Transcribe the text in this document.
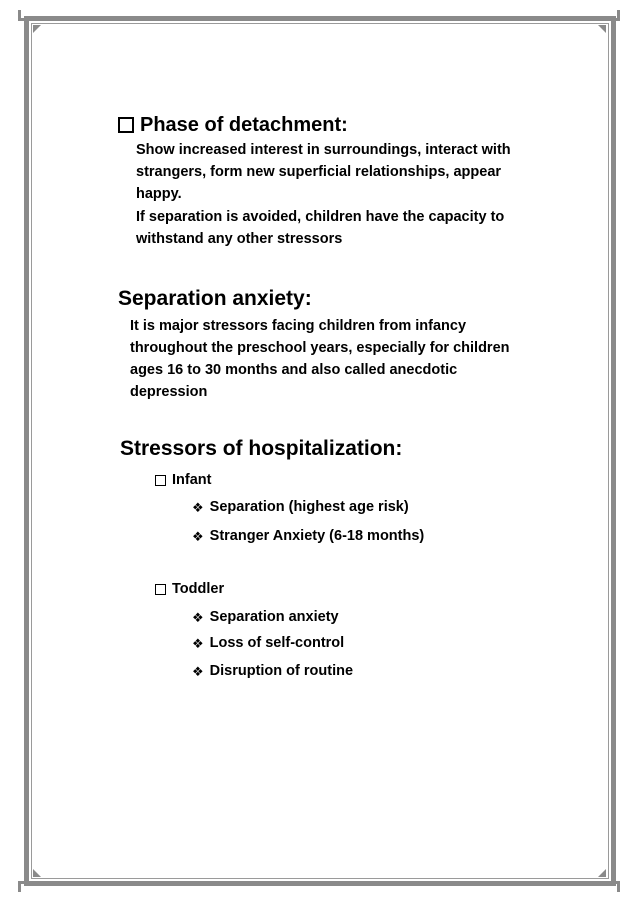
Phase of detachment:
Show increased interest in surroundings, interact with strangers, form new superficial relationships, appear happy.
If separation is avoided, children have the capacity to withstand any other stressors
Separation anxiety:
It is major stressors facing children from infancy throughout the preschool years, especially for children ages 16 to 30 months and also called anecdotic depression
Stressors of hospitalization:
Infant
❖ Separation (highest age risk)
❖ Stranger Anxiety (6-18 months)
Toddler
❖ Separation anxiety
❖ Loss of self-control
❖ Disruption of routine
